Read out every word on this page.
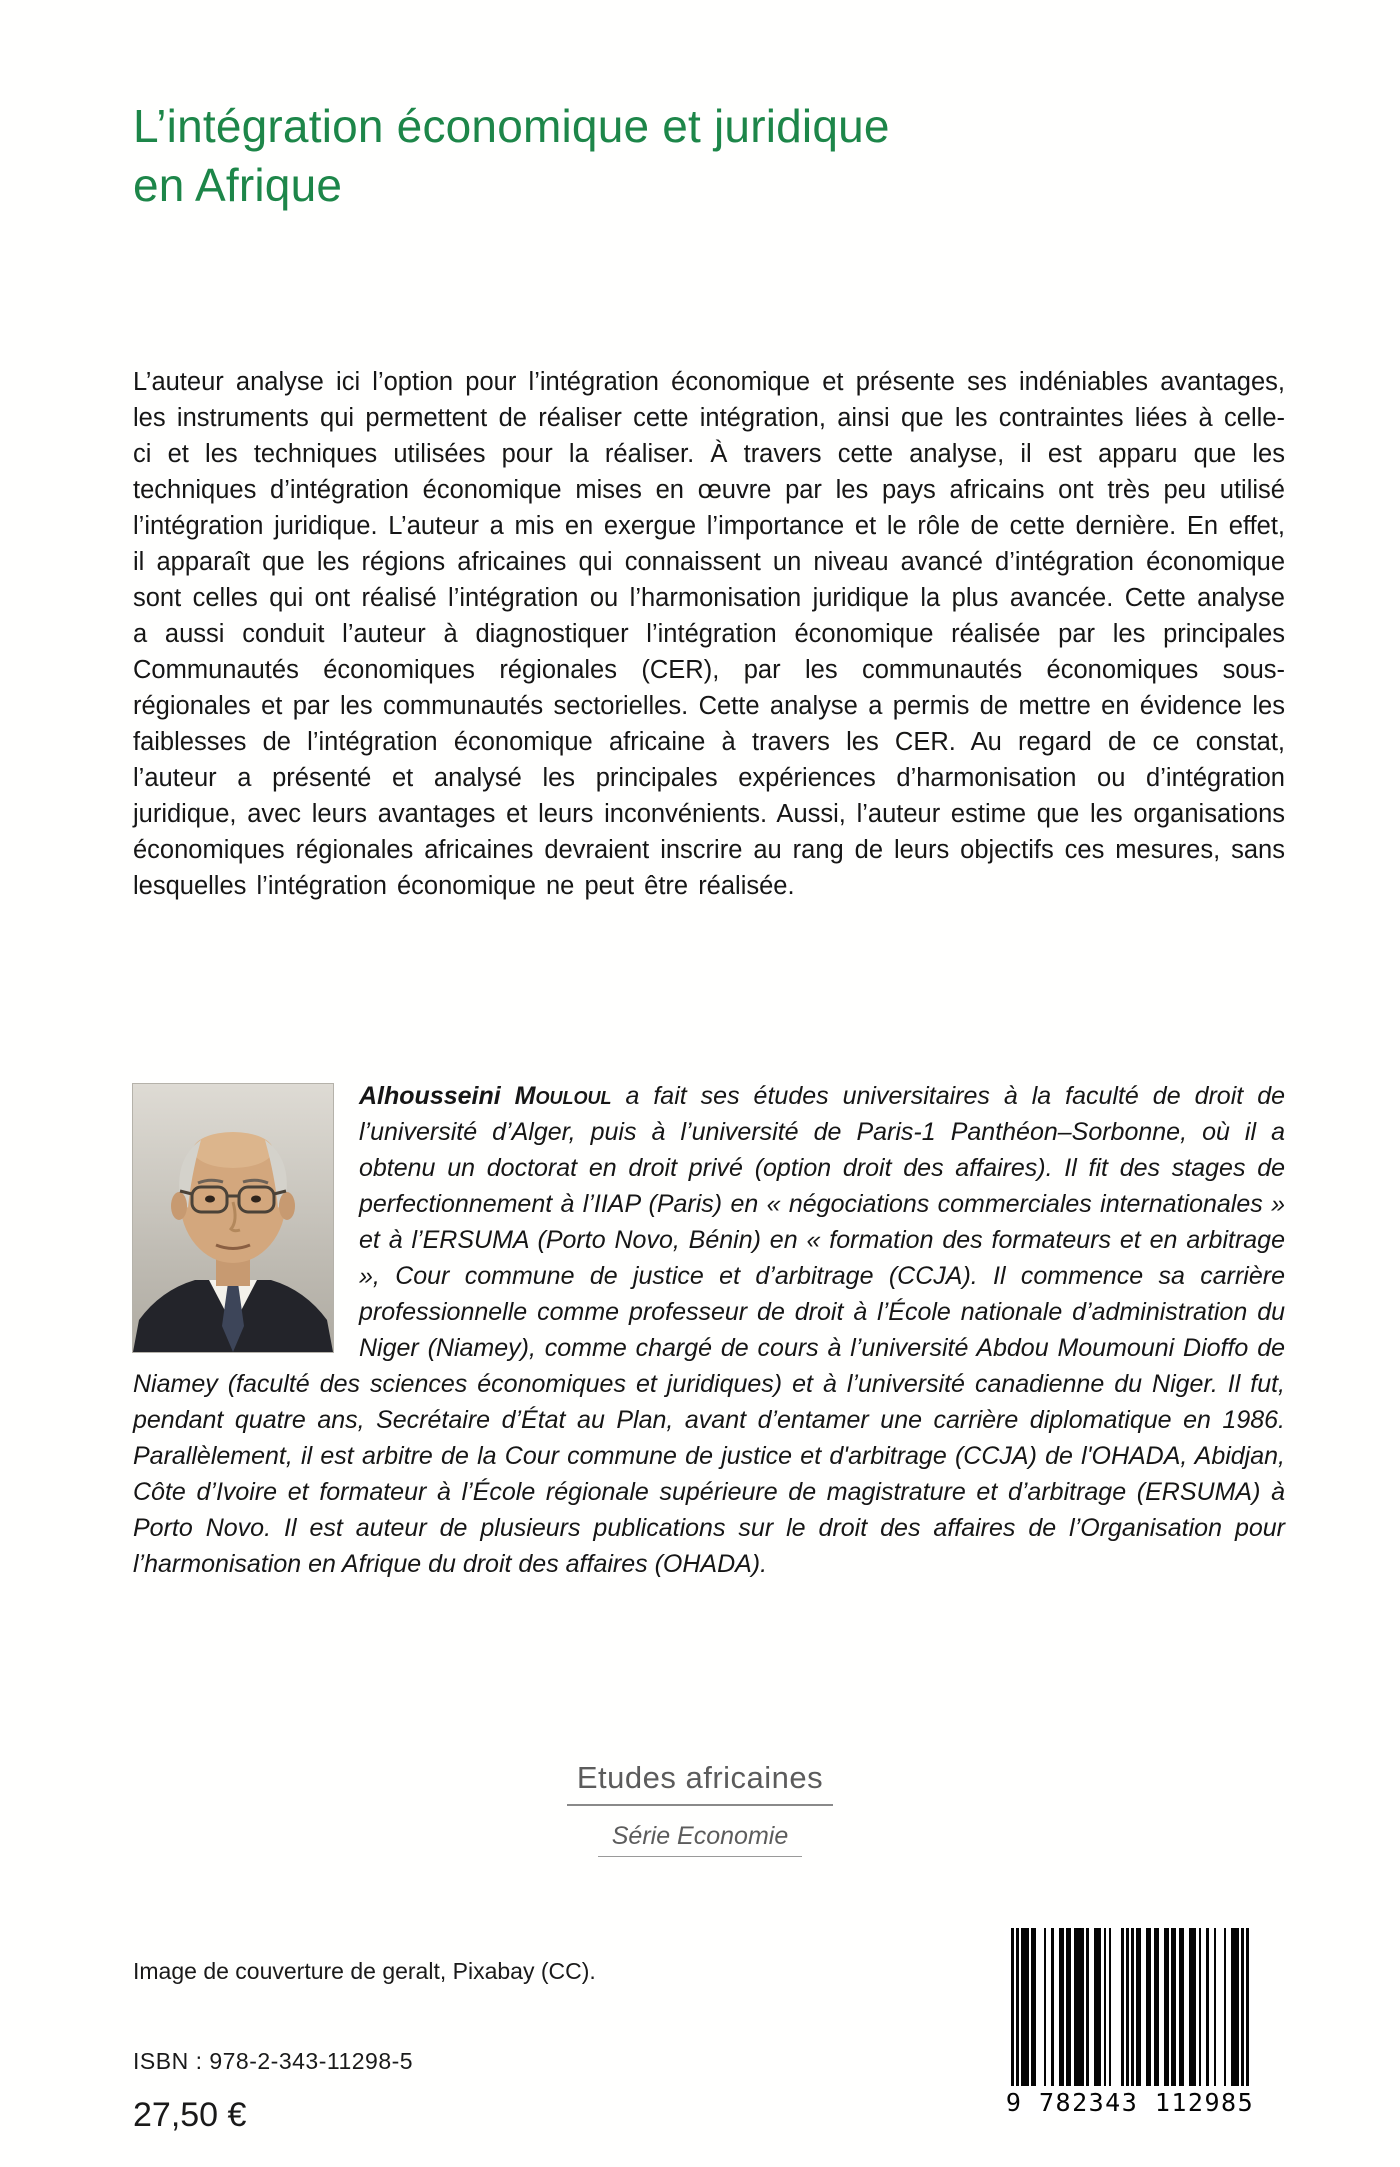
L’intégration économique et juridique
en Afrique

L’auteur analyse ici l’option pour l’intégration économique et présente ses indéniables avantages, les instruments qui permettent de réaliser cette intégration, ainsi que les contraintes liées à celle-ci et les techniques utilisées pour la réaliser. À travers cette analyse, il est apparu que les techniques d’intégration économique mises en œuvre par les pays africains ont très peu utilisé l’intégration juridique. L’auteur a mis en exergue l’importance et le rôle de cette dernière. En effet, il apparaît que les régions africaines qui connaissent un niveau avancé d’intégration économique sont celles qui ont réalisé l’intégration ou l’harmonisation juridique la plus avancée. Cette analyse a aussi conduit l’auteur à diagnostiquer l’intégration économique réalisée par les principales Communautés économiques régionales (CER), par les communautés économiques sous-régionales et par les communautés sectorielles. Cette analyse a permis de mettre en évidence les faiblesses de l’intégration économique africaine à travers les CER. Au regard de ce constat, l’auteur a présenté et analysé les principales expériences d’harmonisation ou d’intégration juridique, avec leurs avantages et leurs inconvénients. Aussi, l’auteur estime que les organisations économiques régionales africaines devraient inscrire au rang de leurs objectifs ces mesures, sans lesquelles l’intégration économique ne peut être réalisée.

Alhousseini Mouloul a fait ses études universitaires à la faculté de droit de l’université d’Alger, puis à l’université de Paris-1 Panthéon–Sorbonne, où il a obtenu un doctorat en droit privé (option droit des affaires). Il fit des stages de perfectionnement à l’IIAP (Paris) en « négociations commerciales internationales » et à l’ERSUMA (Porto Novo, Bénin) en « formation des formateurs et en arbitrage », Cour commune de justice et d’arbitrage (CCJA). Il commence sa carrière professionnelle comme professeur de droit à l’École nationale d’administration du Niger (Niamey), comme chargé de cours à l’université Abdou Moumouni Dioffo de Niamey (faculté des sciences économiques et juridiques) et à l’université canadienne du Niger. Il fut, pendant quatre ans, Secrétaire d’État au Plan, avant d’entamer une carrière diplomatique en 1986. Parallèlement, il est arbitre de la Cour commune de justice et d'arbitrage (CCJA) de l'OHADA, Abidjan, Côte d’Ivoire et formateur à l’École régionale supérieure de magistrature et d’arbitrage (ERSUMA) à Porto Novo. Il est auteur de plusieurs publications sur le droit des affaires de l’Organisation pour l’harmonisation en Afrique du droit des affaires (OHADA).

Etudes africaines
Série Economie
Image de couverture de geralt, Pixabay (CC).
ISBN : 978-2-343-11298-5
27,50 €	9 782343 112985
